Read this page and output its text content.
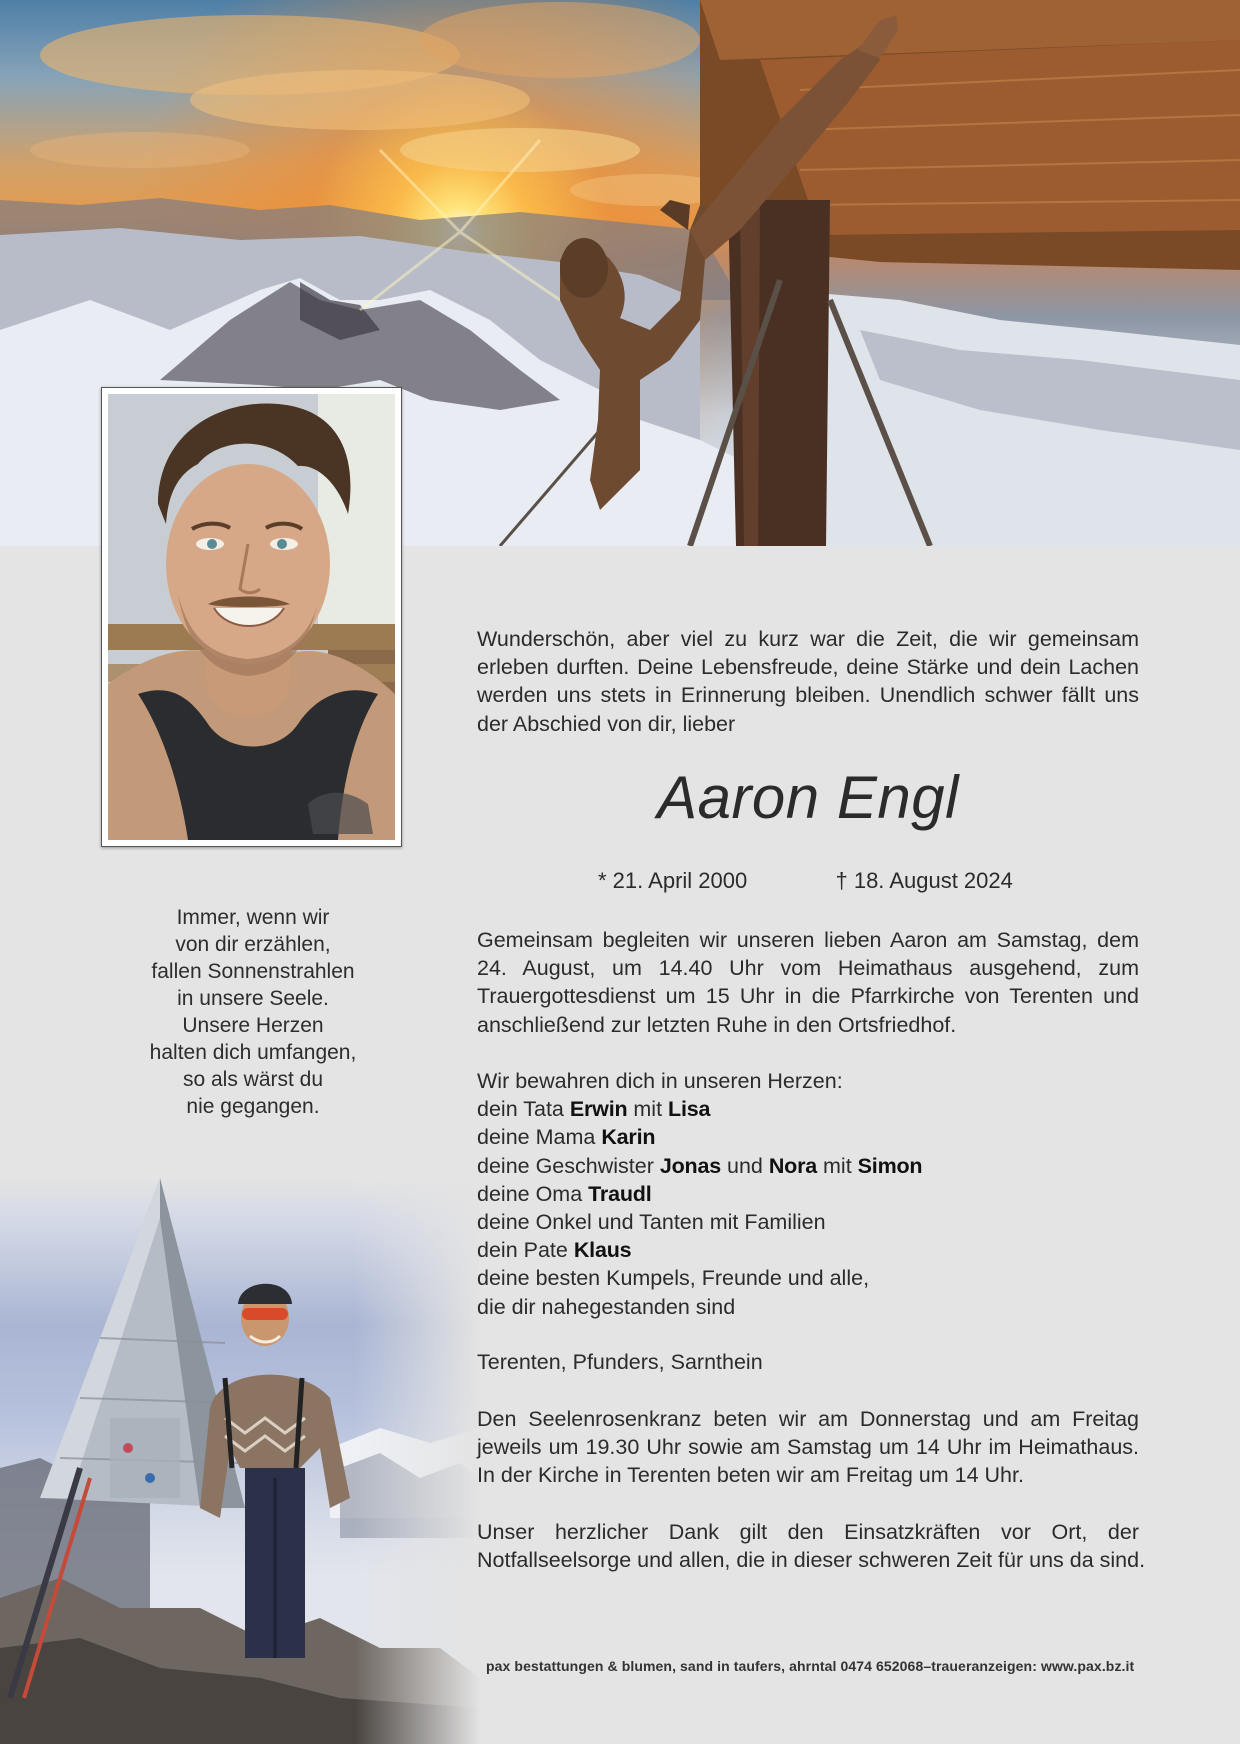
Immer, wenn wir
von dir erzählen,
fallen Sonnenstrahlen
in unsere Seele.
Unsere Herzen
halten dich umfangen,
so als wärst du
nie gegangen.
Wunderschön, aber viel zu kurz war die Zeit, die wir gemeinsam
erleben durften. Deine Lebensfreude, deine Stärke und dein Lachen
werden uns stets in Erinnerung bleiben. Unendlich schwer fällt uns
der Abschied von dir, lieber
Aaron Engl
* 21. April 2000	† 18. August 2024
Gemeinsam begleiten wir unseren lieben Aaron am Samstag, dem
24. August, um 14.40 Uhr vom Heimathaus ausgehend, zum
Trauergottesdienst um 15 Uhr in die Pfarrkirche von Terenten und
anschließend zur letzten Ruhe in den Ortsfriedhof.
Wir bewahren dich in unseren Herzen:
dein Tata Erwin mit Lisa
deine Mama Karin
deine Geschwister Jonas und Nora mit Simon
deine Oma Traudl
deine Onkel und Tanten mit Familien
dein Pate Klaus
deine besten Kumpels, Freunde und alle,
die dir nahegestanden sind
Terenten, Pfunders, Sarnthein
Den Seelenrosenkranz beten wir am Donnerstag und am Freitag
jeweils um 19.30 Uhr sowie am Samstag um 14 Uhr im Heimathaus.
In der Kirche in Terenten beten wir am Freitag um 14 Uhr.
Unser herzlicher Dank gilt den Einsatzkräften vor Ort, der
Notfallseelsorge und allen, die in dieser schweren Zeit für uns da sind.
pax bestattungen & blumen, sand in taufers, ahrntal 0474 652068–traueranzeigen: www.pax.bz.it
